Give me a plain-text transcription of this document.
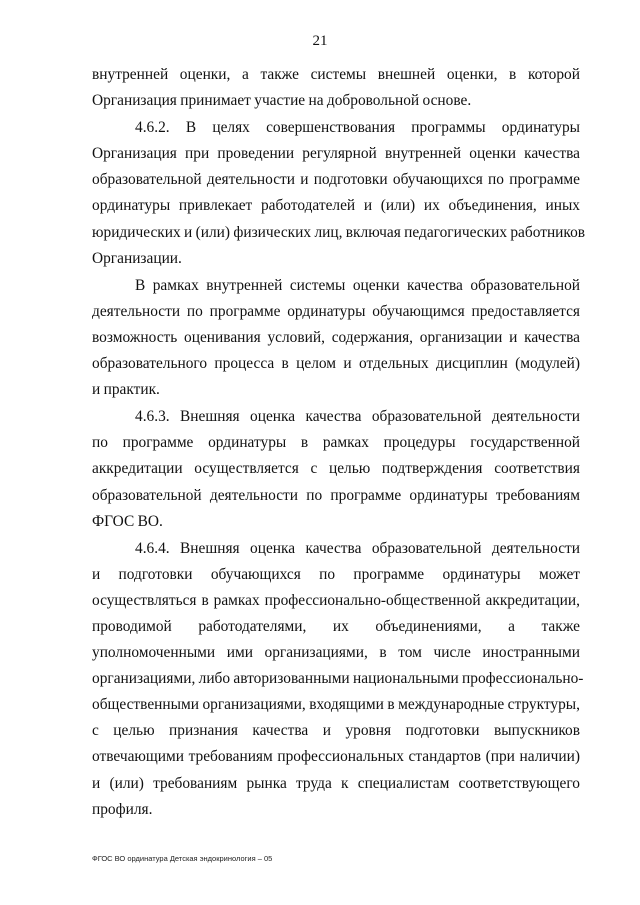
21
внутренней оценки, а также системы внешней оценки, в которой
Организация принимает участие на добровольной основе.
4.6.2. В целях совершенствования программы ординатуры
Организация при проведении регулярной внутренней оценки качества
образовательной деятельности и подготовки обучающихся по программе
ординатуры привлекает работодателей и (или) их объединения, иных
юридических и (или) физических лиц, включая педагогических работников
Организации.
В рамках внутренней системы оценки качества образовательной
деятельности по программе ординатуры обучающимся предоставляется
возможность оценивания условий, содержания, организации и качества
образовательного процесса в целом и отдельных дисциплин (модулей)
и практик.
4.6.3. Внешняя оценка качества образовательной деятельности
по программе ординатуры в рамках процедуры государственной
аккредитации осуществляется с целью подтверждения соответствия
образовательной деятельности по программе ординатуры требованиям
ФГОС ВО.
4.6.4. Внешняя оценка качества образовательной деятельности
и подготовки обучающихся по программе ординатуры может
осуществляться в рамках профессионально-общественной аккредитации,
проводимой работодателями, их объединениями, а также
уполномоченными ими организациями, в том числе иностранными
организациями, либо авторизованными национальными профессионально-
общественными организациями, входящими в международные структуры,
с целью признания качества и уровня подготовки выпускников
отвечающими требованиям профессиональных стандартов (при наличии)
и (или) требованиям рынка труда к специалистам соответствующего
профиля.
ФГОС ВО ординатура Детская эндокринология – 05
